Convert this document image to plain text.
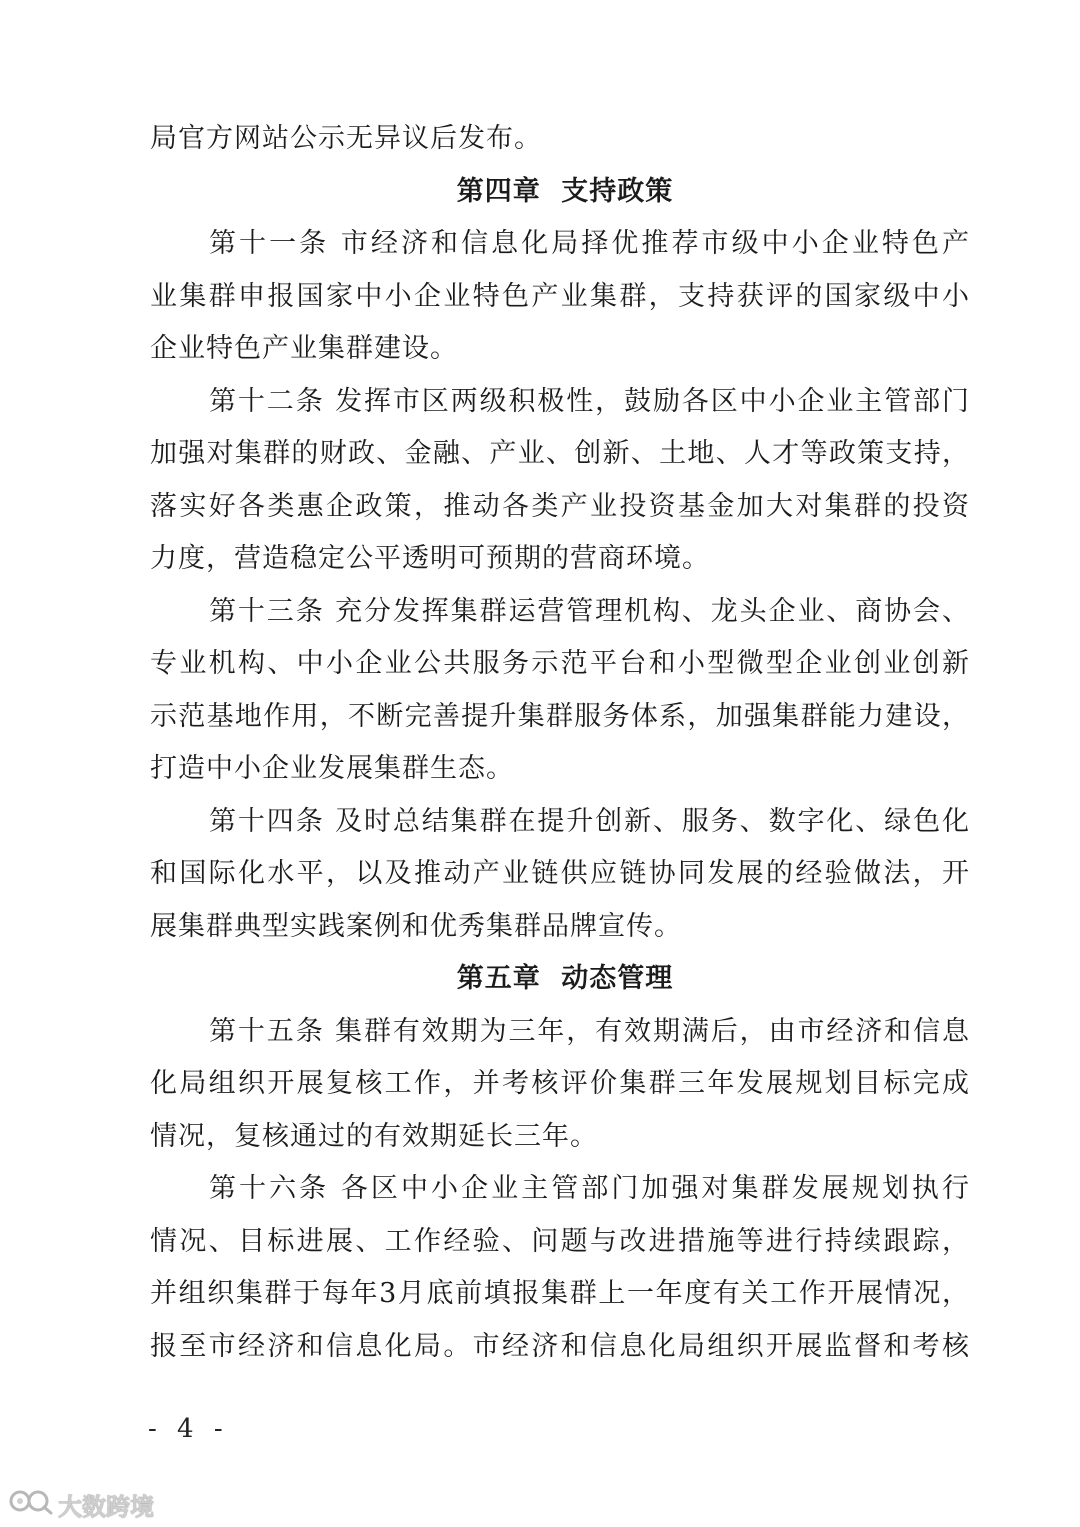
局官方网站公示无异议后发布。
第四章 支持政策
第十一条 市经济和信息化局择优推荐市级中小企业特色产
业集群申报国家中小企业特色产业集群，支持获评的国家级中小
企业特色产业集群建设。
第十二条 发挥市区两级积极性，鼓励各区中小企业主管部门
加强对集群的财政、金融、产业、创新、土地、人才等政策支持，
落实好各类惠企政策，推动各类产业投资基金加大对集群的投资
力度，营造稳定公平透明可预期的营商环境。
第十三条 充分发挥集群运营管理机构、龙头企业、商协会、
专业机构、中小企业公共服务示范平台和小型微型企业创业创新
示范基地作用，不断完善提升集群服务体系，加强集群能力建设，
打造中小企业发展集群生态。
第十四条 及时总结集群在提升创新、服务、数字化、绿色化
和国际化水平，以及推动产业链供应链协同发展的经验做法，开
展集群典型实践案例和优秀集群品牌宣传。
第五章 动态管理
第十五条 集群有效期为三年，有效期满后，由市经济和信息
化局组织开展复核工作，并考核评价集群三年发展规划目标完成
情况，复核通过的有效期延长三年。
第十六条 各区中小企业主管部门加强对集群发展规划执行
情况、目标进展、工作经验、问题与改进措施等进行持续跟踪，
并组织集群于每年3月底前填报集群上一年度有关工作开展情况，
报至市经济和信息化局。市经济和信息化局组织开展监督和考核
- 4 -
大数跨境
